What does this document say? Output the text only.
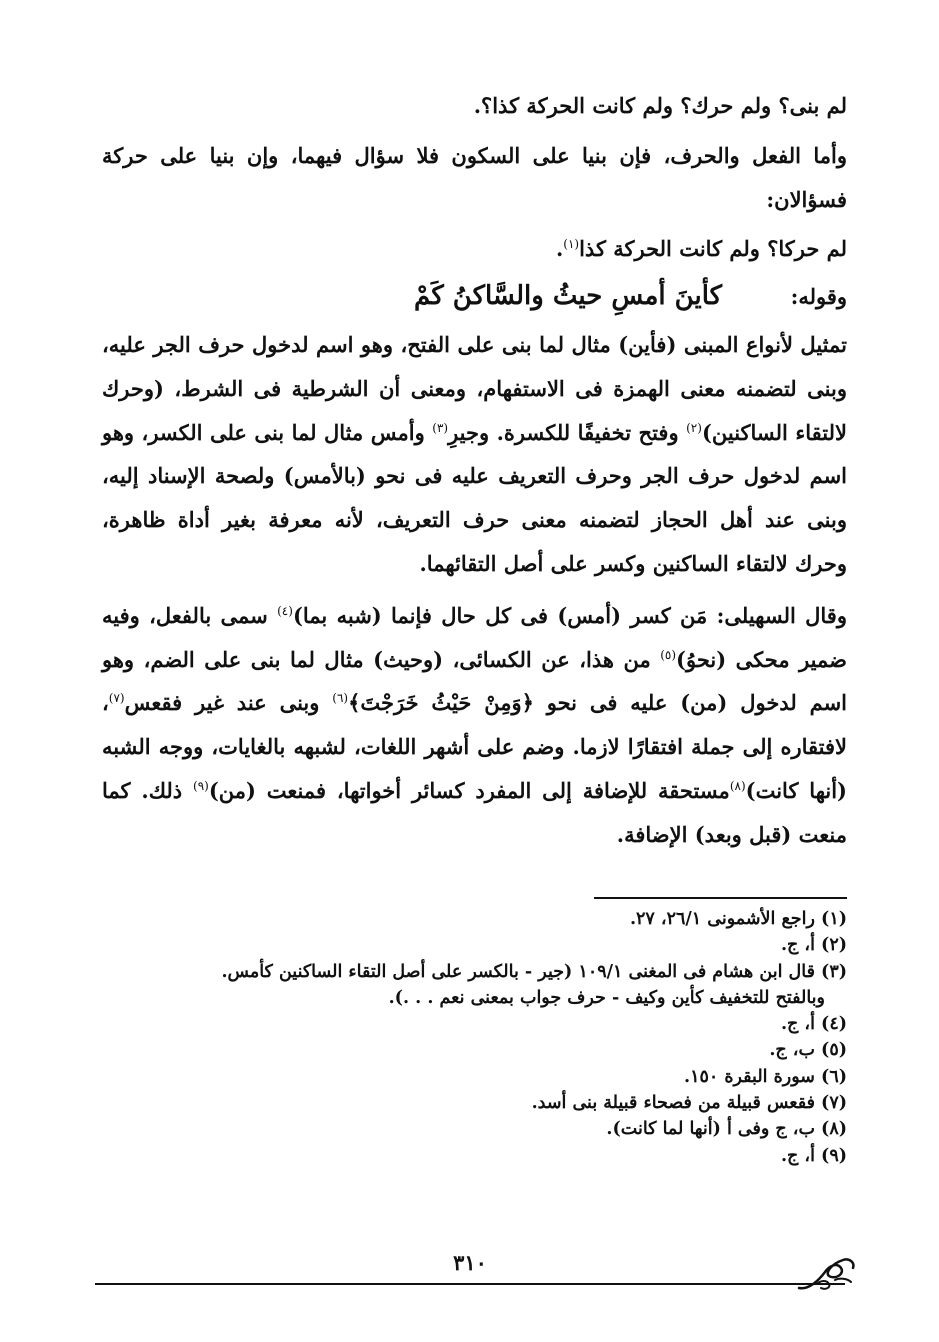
لم بنى؟ ولم حرك؟ ولم كانت الحركة كذا؟.

وأما الفعل والحرف، فإن بنيا على السكون فلا سؤال فيهما، وإن بنيا على حركة فسؤالان:

لم حركا؟ ولم كانت الحركة كذا$^{(١)}$.

وقوله:
كأينَ أمسِ حيثُ والسَّاكنُ كَمْ

تمثيل لأنواع المبنى (فأين) مثال لما بنى على الفتح، وهو اسم لدخول حرف الجر عليه، وبنى لتضمنه معنى الهمزة فى الاستفهام، ومعنى أن الشرطية فى الشرط، (وحرك لالتقاء الساكنين)$^{(٢)}$ وفتح تخفيفًا للكسرة. وجيرِ$^{(٣)}$ وأمس مثال لما بنى على الكسر، وهو اسم لدخول حرف الجر وحرف التعريف عليه فى نحو (بالأمس) ولصحة الإسناد إليه، وبنى عند أهل الحجاز لتضمنه معنى حرف التعريف، لأنه معرفة بغير أداة ظاهرة، وحرك لالتقاء الساكنين وكسر على أصل التقائهما.

وقال السهيلى: مَن كسر (أمس) فى كل حال فإنما (شبه بما)$^{(٤)}$ سمى بالفعل، وفيه ضمير محكى (نحوُ)$^{(٥)}$ من هذا، عن الكسائى، (وحيث) مثال لما بنى على الضم، وهو اسم لدخول (من) عليه فى نحو ﴿وَمِنْ حَيْثُ خَرَجْتَ﴾$^{(٦)}$ وبنى عند غير فقعس$^{(٧)}$، لافتقاره إلى جملة افتقارًا لازما. وضم على أشهر اللغات، لشبهه بالغايات، ووجه الشبه (أنها كانت)$^{(٨)}$مستحقة للإضافة إلى المفرد كسائر أخواتها، فمنعت (من)$^{(٩)}$ ذلك. كما منعت (قبل وبعد) الإضافة.

(١) راجع الأشمونى ٢٦/١، ٢٧.
(٢) أ، ج.
(٣) قال ابن هشام فى المغنى ١٠٩/١ (جير - بالكسر على أصل التقاء الساكنين كأمس.
وبالفتح للتخفيف كأين وكيف - حرف جواب بمعنى نعم . . .).
(٤) أ، ج.
(٥) ب، ج.
(٦) سورة البقرة ١٥٠.
(٧) فقعس قبيلة من فصحاء قبيلة بنى أسد.
(٨) ب، ج وفى أ (أنها لما كانت).
(٩) أ، ج.
٣١٠
